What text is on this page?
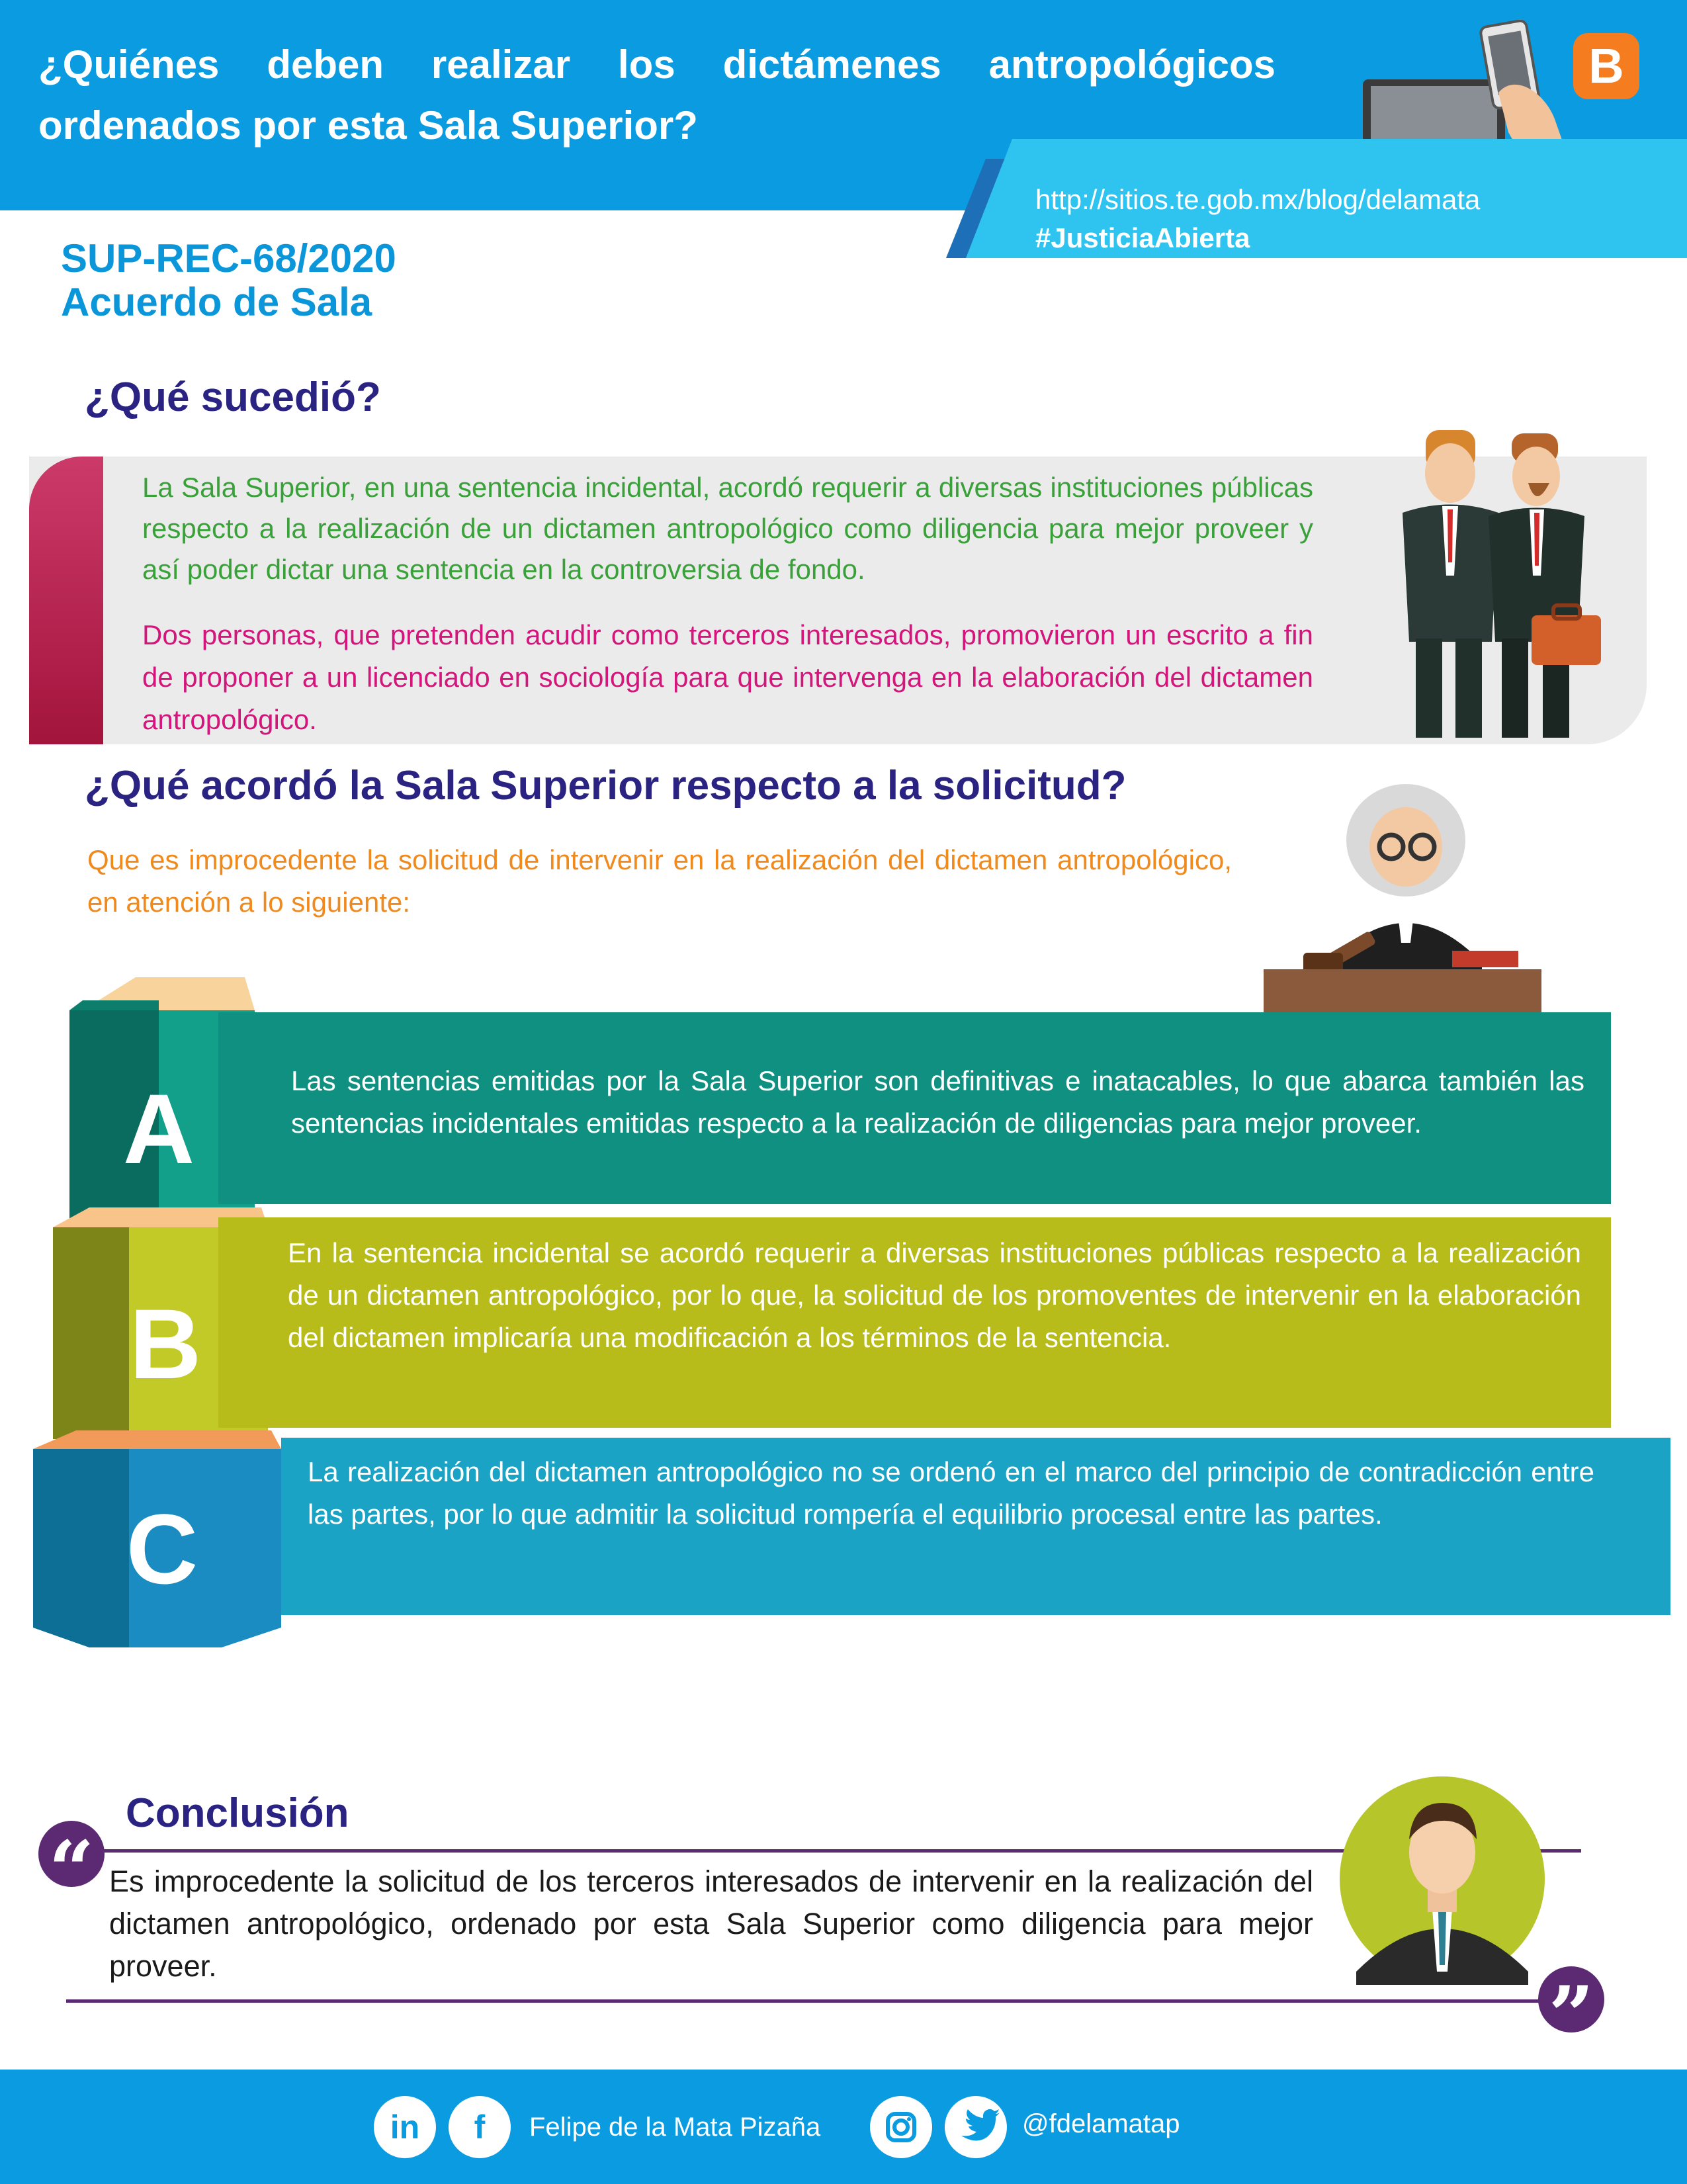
¿Quiénes deben realizar los dictámenes antropológicos ordenados por esta Sala Superior?
B
http://sitios.te.gob.mx/blog/delamata
#JusticiaAbierta
SUP-REC-68/2020
Acuerdo de Sala
¿Qué sucedió?
La Sala Superior, en una sentencia incidental, acordó requerir a diversas instituciones públicas respecto a la realización de un dictamen antropológico como diligencia para mejor proveer y así poder dictar una sentencia en la controversia de fondo.
Dos personas, que pretenden acudir como terceros interesados, promovieron un escrito a fin de proponer a un licenciado en sociología para que intervenga en la elaboración del dictamen antropológico.
¿Qué acordó la Sala Superior respecto a la solicitud?
Que es improcedente la solicitud de intervenir en la realización del dictamen antropológico, en atención a lo siguiente:
Las sentencias emitidas por la Sala Superior son definitivas e inatacables, lo que abarca también las sentencias incidentales emitidas respecto a la realización de diligencias para mejor proveer.
A
En la sentencia incidental se acordó requerir a diversas instituciones públicas respecto a la realización de un dictamen antropológico, por lo que, la solicitud de los promoventes de intervenir en la elaboración del dictamen implicaría una modificación a los términos de la sentencia.
B
La realización del dictamen antropológico no se ordenó en el marco del principio de contradicción entre las partes, por lo que admitir la solicitud rompería el equilibrio procesal entre las partes.
C
Conclusión
“
”
Es improcedente la solicitud de los terceros interesados de intervenir en la realización del dictamen antropológico, ordenado por esta Sala Superior como diligencia para mejor proveer.
in	f	Felipe de la Mata Pizaña	@fdelamatap
